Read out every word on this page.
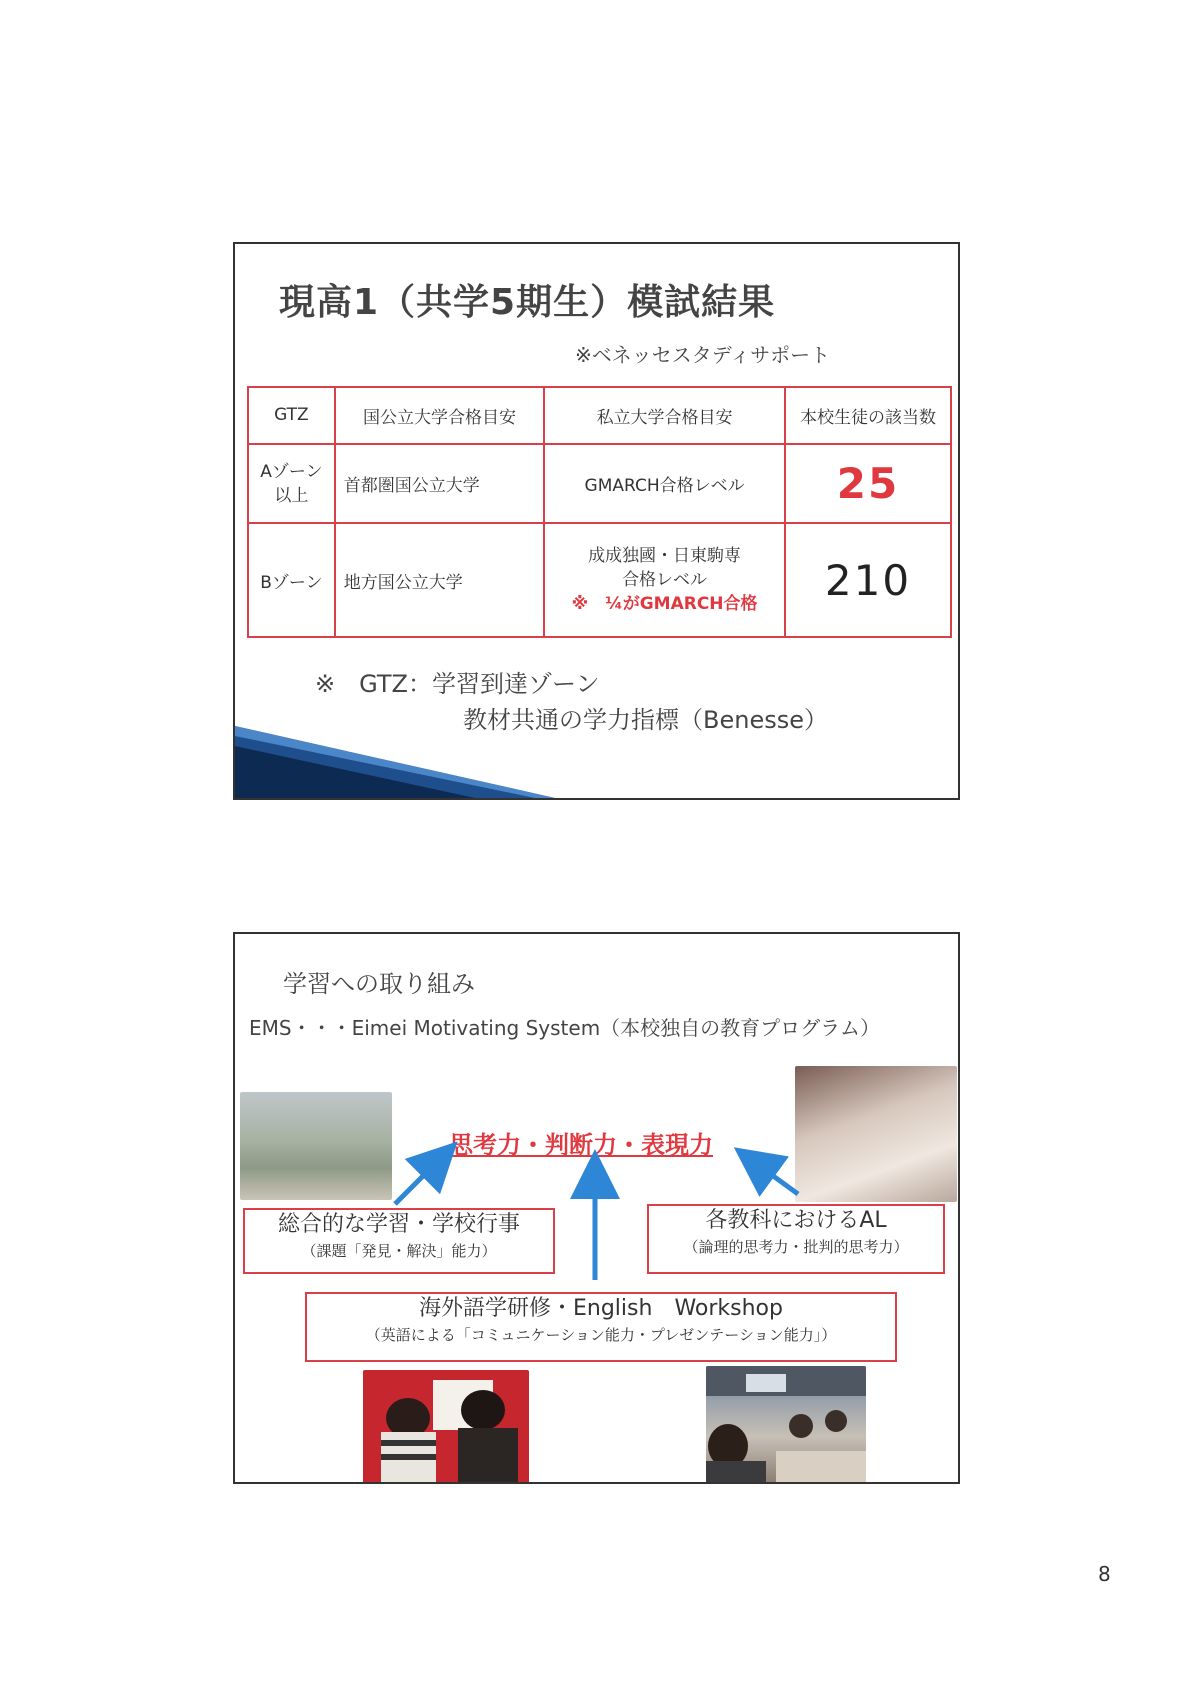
現高1（共学5期生）模試結果
※ベネッセスタディサポート
GTZ	国公立大学合格目安	私立大学合格目安	本校生徒の該当数

Aゾーン
以上	首都圏国公立大学	GMARCH合格レベル	25
Bゾーン	地方国公立大学	成成独國・日東駒専
合格レベル
※　¼がGMARCH合格	210
※　GTZ：学習到達ゾーン
教材共通の学力指標（Benesse）
学習への取り組み
EMS・・・Eimei Motivating System（本校独自の教育プログラム）
思考力・判断力・表現力
総合的な学習・学校行事
（課題「発見・解決」能力）
各教科におけるAL
（論理的思考力・批判的思考力）
海外語学研修・English　Workshop
（英語による「コミュニケーション能力・プレゼンテーション能力」）
8
